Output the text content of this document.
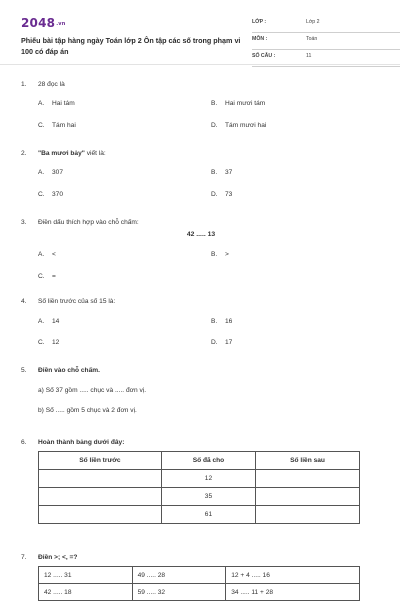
2048.vn
Phiếu bài tập hàng ngày Toán lớp 2 Ôn tập các số trong phạm vi 100 có đáp án
LỚP :	Lớp 2
MÔN :	Toán
SỐ CÂU :	11
1. 28 đọc là
A. Hai tám	B. Hai mươi tám
C. Tám hai	D. Tám mươi hai
2. "Ba mươi bảy" viết là:
A. 307	B. 37
C. 370	D. 73
3. Điền dấu thích hợp vào chỗ chấm:
42 ..... 13
A. <	B. >
C. =
4. Số liền trước của số 15 là:
A. 14	B. 16
C. 12	D. 17
5. Điền vào chỗ chấm.
a) Số 37 gồm ..... chục và ..... đơn vị.
b) Số ..... gồm 5 chục và 2 đơn vị.
6. Hoàn thành bảng dưới đây:
Số liền trước	Số đã cho	Số liền sau
	12	
	35	
	61	
7. Điền >; <, =?
12 ..... 31	49 ..... 28	12 + 4 ..... 16
42 ..... 18	59 ..... 32	34 ..... 11 + 28
